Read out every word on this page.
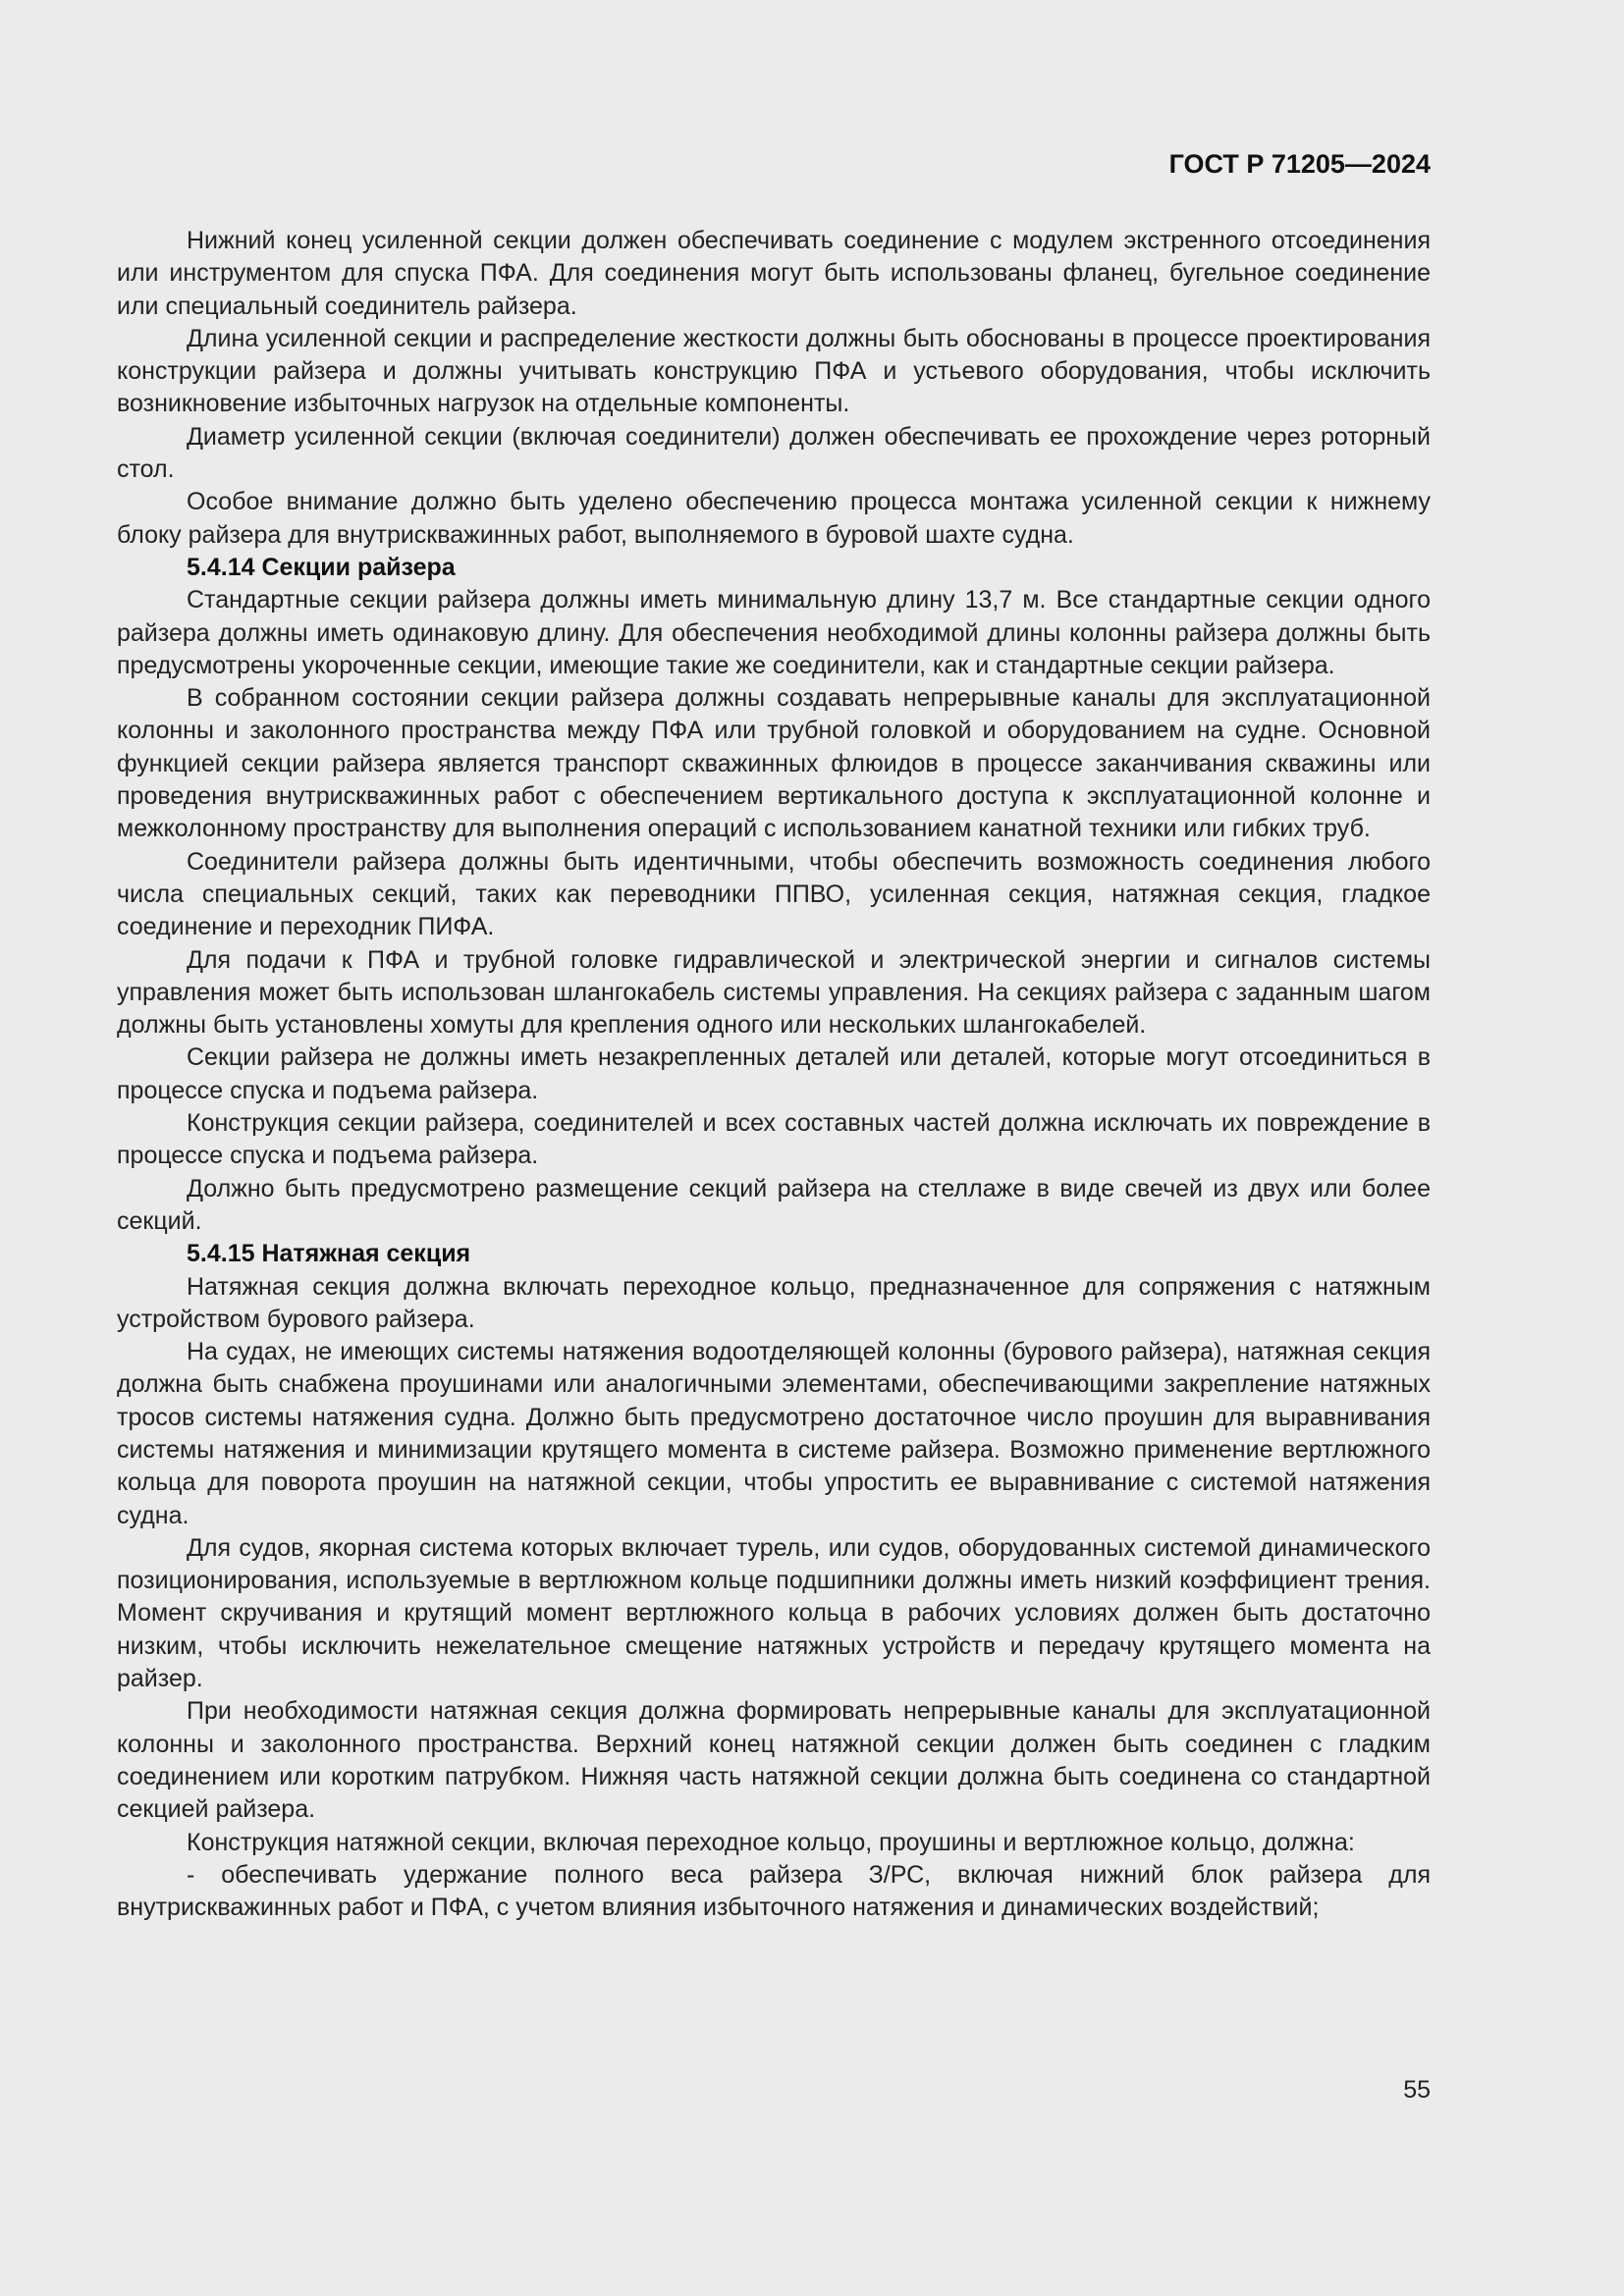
ГОСТ Р 71205—2024

Нижний конец усиленной секции должен обеспечивать соединение с модулем экстренного отсоединения или инструментом для спуска ПФА. Для соединения могут быть использованы фланец, бугельное соединение или специальный соединитель райзера.

Длина усиленной секции и распределение жесткости должны быть обоснованы в процессе проектирования конструкции райзера и должны учитывать конструкцию ПФА и устьевого оборудования, чтобы исключить возникновение избыточных нагрузок на отдельные компоненты.

Диаметр усиленной секции (включая соединители) должен обеспечивать ее прохождение через роторный стол.

Особое внимание должно быть уделено обеспечению процесса монтажа усиленной секции к нижнему блоку райзера для внутрискважинных работ, выполняемого в буровой шахте судна.

5.4.14 Секции райзера

Стандартные секции райзера должны иметь минимальную длину 13,7 м. Все стандартные секции одного райзера должны иметь одинаковую длину. Для обеспечения необходимой длины колонны райзера должны быть предусмотрены укороченные секции, имеющие такие же соединители, как и стандартные секции райзера.

В собранном состоянии секции райзера должны создавать непрерывные каналы для эксплуатационной колонны и заколонного пространства между ПФА или трубной головкой и оборудованием на судне. Основной функцией секции райзера является транспорт скважинных флюидов в процессе заканчивания скважины или проведения внутрискважинных работ с обеспечением вертикального доступа к эксплуатационной колонне и межколонному пространству для выполнения операций с использованием канатной техники или гибких труб.

Соединители райзера должны быть идентичными, чтобы обеспечить возможность соединения любого числа специальных секций, таких как переводники ППВО, усиленная секция, натяжная секция, гладкое соединение и переходник ПИФА.

Для подачи к ПФА и трубной головке гидравлической и электрической энергии и сигналов системы управления может быть использован шлангокабель системы управления. На секциях райзера с заданным шагом должны быть установлены хомуты для крепления одного или нескольких шлангокабелей.

Секции райзера не должны иметь незакрепленных деталей или деталей, которые могут отсоединиться в процессе спуска и подъема райзера.

Конструкция секции райзера, соединителей и всех составных частей должна исключать их повреждение в процессе спуска и подъема райзера.

Должно быть предусмотрено размещение секций райзера на стеллаже в виде свечей из двух или более секций.

5.4.15 Натяжная секция

Натяжная секция должна включать переходное кольцо, предназначенное для сопряжения с натяжным устройством бурового райзера.

На судах, не имеющих системы натяжения водоотделяющей колонны (бурового райзера), натяжная секция должна быть снабжена проушинами или аналогичными элементами, обеспечивающими закрепление натяжных тросов системы натяжения судна. Должно быть предусмотрено достаточное число проушин для выравнивания системы натяжения и минимизации крутящего момента в системе райзера. Возможно применение вертлюжного кольца для поворота проушин на натяжной секции, чтобы упростить ее выравнивание с системой натяжения судна.

Для судов, якорная система которых включает турель, или судов, оборудованных системой динамического позиционирования, используемые в вертлюжном кольце подшипники должны иметь низкий коэффициент трения. Момент скручивания и крутящий момент вертлюжного кольца в рабочих условиях должен быть достаточно низким, чтобы исключить нежелательное смещение натяжных устройств и передачу крутящего момента на райзер.

При необходимости натяжная секция должна формировать непрерывные каналы для эксплуатационной колонны и заколонного пространства. Верхний конец натяжной секции должен быть соединен с гладким соединением или коротким патрубком. Нижняя часть натяжной секции должна быть соединена со стандартной секцией райзера.

Конструкция натяжной секции, включая переходное кольцо, проушины и вертлюжное кольцо, должна:

- обеспечивать удержание полного веса райзера З/РС, включая нижний блок райзера для внутрискважинных работ и ПФА, с учетом влияния избыточного натяжения и динамических воздействий;

55
